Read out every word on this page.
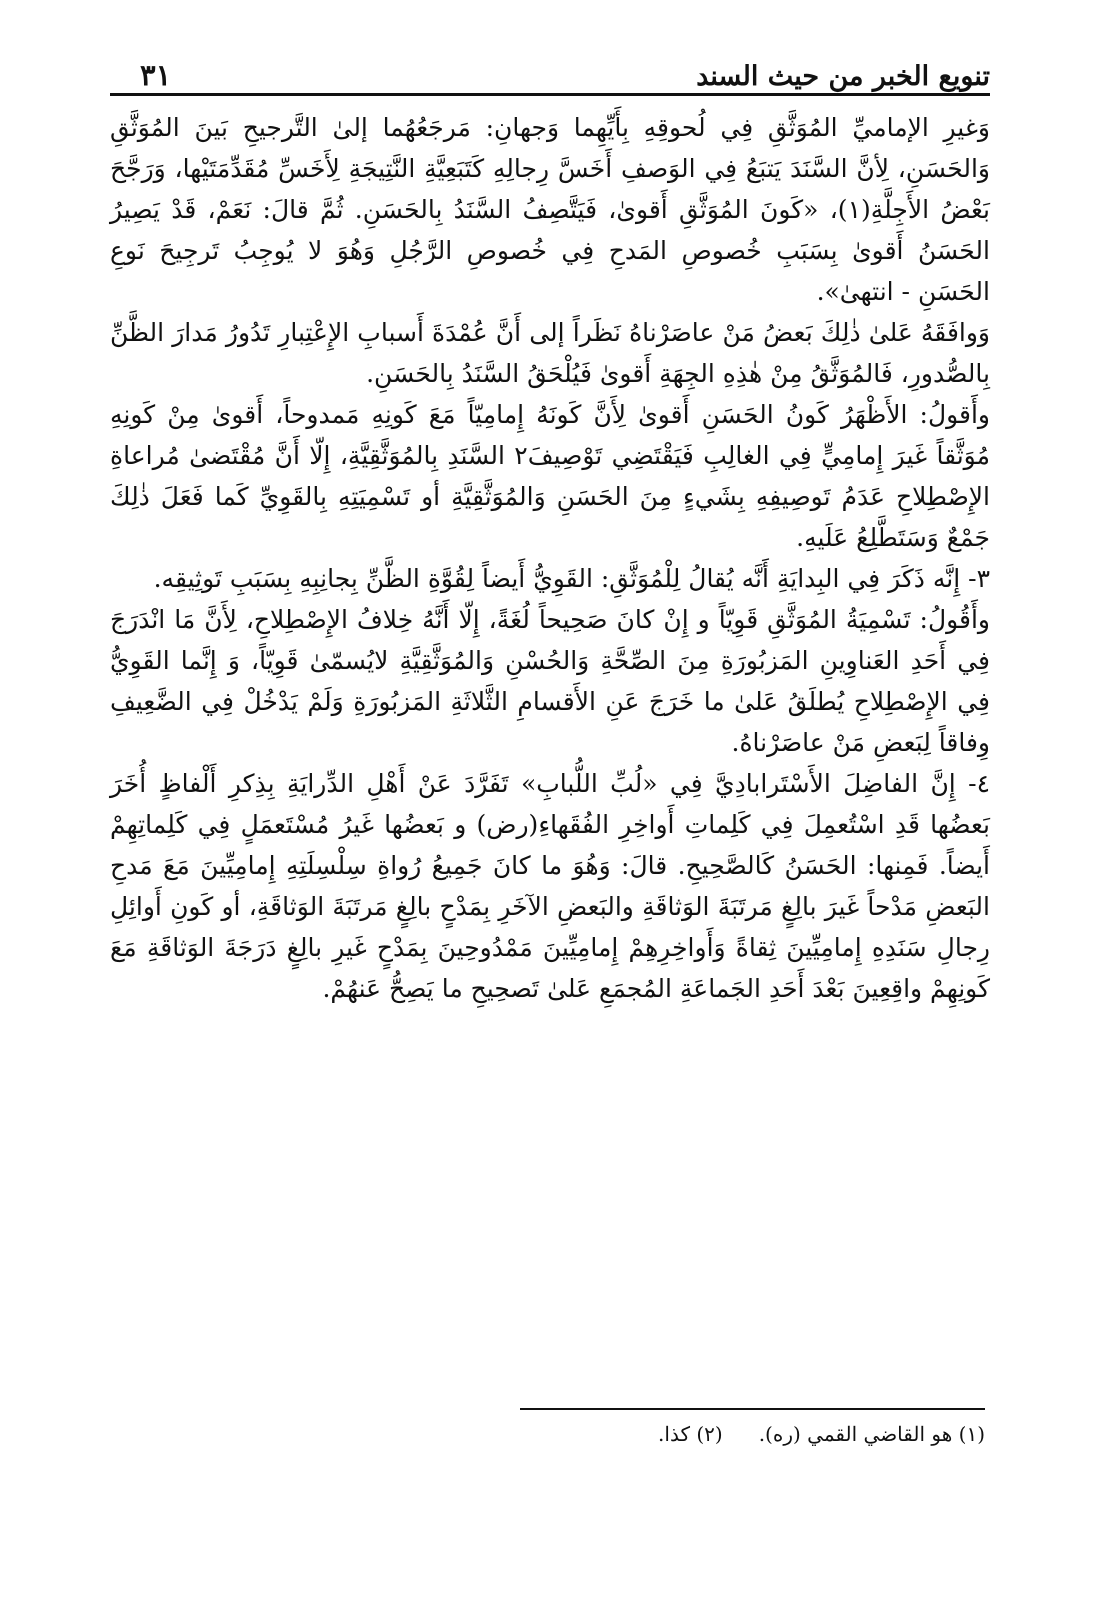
٣١	تنويع الخبر من حيث السند

وَغيرِ الإماميِّ المُوَثَّقِ فِي لُحوقِهِ بِأَيِّهِما وَجهانِ: مَرجَعُهُما إلىٰ التَّرجيحِ بَينَ المُوَثَّقِ وَالحَسَنِ، لِأنَّ السَّنَدَ يَتبَعُ فِي الوَصفِ أَخَسَّ رِجالِهِ كَتَبَعِيَّةِ النَّتِيجَةِ لِأَخَسِّ مُقَدِّمَتَيْها، وَرَجَّحَ بَعْضُ الأَجِلَّةِ(١)، «كَونَ المُوَثَّقِ أَقوىٰ، فَيَتَّصِفُ السَّنَدُ بِالحَسَنِ. ثُمَّ قالَ: نَعَمْ، قَدْ يَصِيرُ الحَسَنُ أَقوىٰ بِسَبَبِ خُصوصِ المَدحِ فِي خُصوصِ الرَّجُلِ وَهُوَ لا يُوجِبُ تَرجِيحَ نَوعِ الحَسَنِ - انتهىٰ».

وَوافَقَهُ عَلىٰ ذٰلِكَ بَعضُ مَنْ عاصَرْناهُ نَظَراً إلى أَنَّ عُمْدَةَ أَسبابِ الإِعْتِبارِ تَدُورُ مَدارَ الظَّنِّ بِالصُّدورِ، فَالمُوَثَّقُ مِنْ هٰذِهِ الجِهَةِ أَقوىٰ فَيُلْحَقُ السَّنَدُ بِالحَسَنِ.

وأَقولُ: الأَظْهَرُ كَونُ الحَسَنِ أَقوىٰ لِأَنَّ كَونَهُ إِمامِيّاً مَعَ كَونِهِ مَمدوحاً، أَقوىٰ مِنْ كَونِهِ مُوَثَّقاً غَيرَ إِمامِيٍّ فِي الغالِبِ فَيَقْتَضِي تَوْصِيفَ٢ السَّنَدِ بِالمُوَثَّقِيَّةِ، إِلّا أَنَّ مُقْتَضىٰ مُراعاةِ الإِصْطِلاحِ عَدَمُ تَوصِيفِهِ بِشَيءٍ مِنَ الحَسَنِ وَالمُوَثَّقِيَّةِ أو تَسْمِيَتِهِ بِالقَوِيِّ كَما فَعَلَ ذٰلِكَ جَمْعٌ وَسَتَطَّلِعُ عَلَيهِ.

٣- إِنَّه ذَكَرَ فِي البِدايَةِ أَنَّه يُقالُ لِلْمُوَثَّقِ: القَوِيُّ أَيضاً لِقُوَّةِ الظَّنِّ بِجانِبِهِ بِسَبَبِ تَوثِيقِه.

وأَقُولُ: تَسْمِيَةُ المُوَثَّقِ قَوِيّاً و إِنْ كانَ صَحِيحاً لُغَةً، إِلّا أَنَّهُ خِلافُ الإِصْطِلاحِ، لِأَنَّ مَا انْدَرَجَ فِي أَحَدِ العَناوِينِ المَزبُورَةِ مِنَ الصِّحَّةِ وَالحُسْنِ وَالمُوَثَّقِيَّةِ لايُسمّىٰ قَوِيّاً، وَ إِنَّما القَوِيُّ فِي الإِصْطِلاحِ يُطلَقُ عَلىٰ ما خَرَجَ عَنِ الأَقسامِ الثَّلاثَةِ المَزبُورَةِ وَلَمْ يَدْخُلْ فِي الضَّعِيفِ وِفاقاً لِبَعضِ مَنْ عاصَرْناهُ.

٤- إِنَّ الفاضِلَ الأَسْتَرابادِيَّ فِي «لُبِّ اللُّبابِ» تَفَرَّدَ عَنْ أَهْلِ الدِّرايَةِ بِذِكرِ أَلْفاظٍ أُخَرَ بَعضُها قَدِ اسْتُعمِلَ فِي كَلِماتِ أَواخِرِ الفُقَهاءِ(رض) و بَعضُها غَيرُ مُسْتَعمَلٍ فِي كَلِماتِهِمْ أَيضاً. فَمِنها: الحَسَنُ كَالصَّحِيحِ. قالَ: وَهُوَ ما كانَ جَمِيعُ رُواةِ سِلْسِلَتِهِ إِمامِيِّينَ مَعَ مَدحِ البَعضِ مَدْحاً غَيرَ بالِغٍ مَرتَبَةَ الوَثاقَةِ والبَعضِ الآخَرِ بِمَدْحٍ بالِغٍ مَرتَبَةَ الوَثاقَةِ، أو كَونِ أَوائِلِ رِجالِ سَنَدِهِ إِمامِيِّينَ ثِقاةً وَأَواخِرِهِمْ إِمامِيِّينَ مَمْدُوحِينَ بِمَدْحٍ غَيرِ بالِغٍ دَرَجَةَ الوَثاقَةِ مَعَ كَونِهِمْ واقِعِينَ بَعْدَ أَحَدِ الجَماعَةِ المُجمَعِ عَلىٰ تَصحِيحِ ما يَصِحُّ عَنهُمْ.

(١) هو القاضي القمي (ره).
(٢) كذا.
